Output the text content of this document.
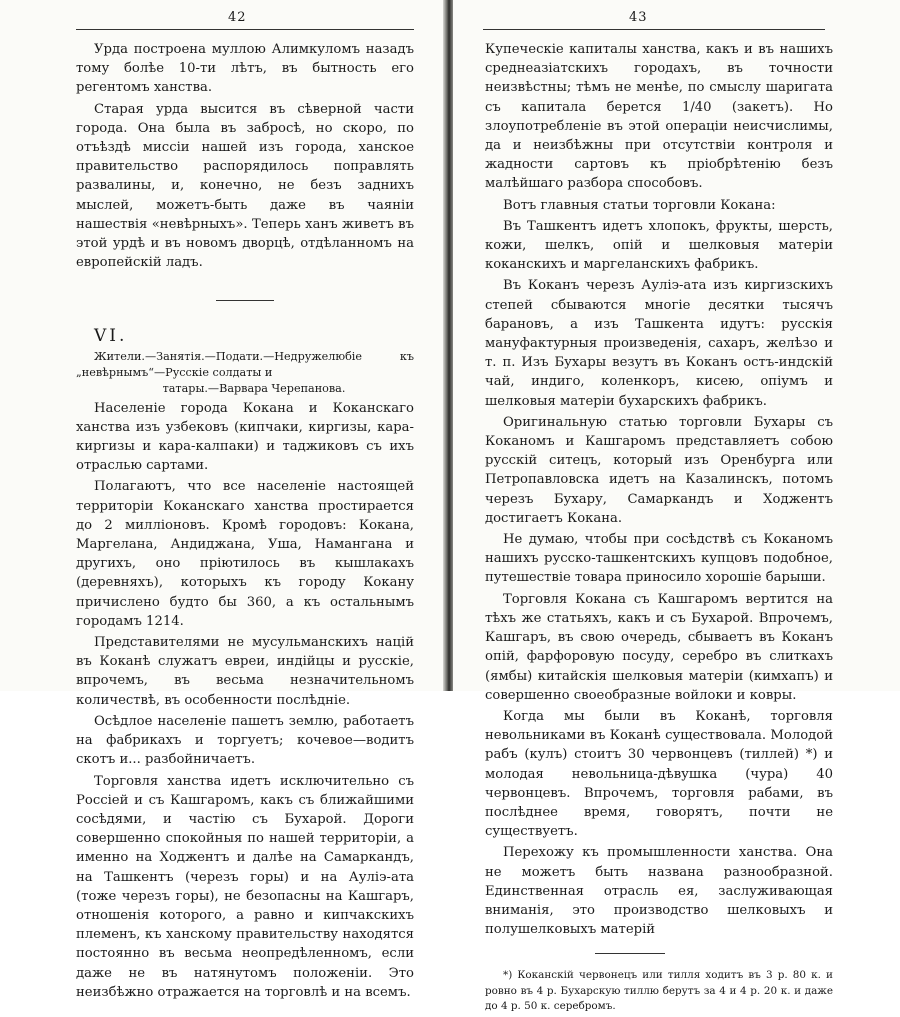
42

Урда построена муллою Алимкуломъ назадъ тому болѣе 10-ти лѣтъ, въ бытность его регентомъ ханства.

Старая урда высится въ сѣверной части города. Она была въ забросѣ, но скоро, по отъѣздѣ миссіи нашей изъ города, ханское правительство распорядилось поправлять развалины, и, конечно, не безъ заднихъ мыслей, можетъ-быть даже въ чаяніи нашествія «невѣрныхъ». Теперь ханъ живетъ въ этой урдѣ и въ новомъ дворцѣ, отдѣланномъ на европейскій ладъ.

VI.

Жители.—Занятія.—Подати.—Недружелюбіе къ „невѣрнымъ“—Русскіе солдаты и
татары.—Варвара Черепанова.

Населеніе города Кокана и Коканскаго ханства изъ узбековъ (кипчаки, киргизы, кара-киргизы и кара-калпаки) и таджиковъ съ ихъ отраслью сартами.

Полагаютъ, что все населеніе настоящей территоріи Коканскаго ханства простирается до 2 милліоновъ. Кромѣ городовъ: Кокана, Маргелана, Андиджана, Уша, Намангана и другихъ, оно пріютилось въ кышлакахъ (деревняхъ), которыхъ къ городу Кокану причислено будто бы 360, а къ остальнымъ городамъ 1214.

Представителями не мусульманскихъ націй въ Коканѣ служатъ евреи, индійцы и русскіе, впрочемъ, въ весьма незначительномъ количествѣ, въ особенности послѣдніе.

Осѣдлое населеніе пашетъ землю, работаетъ на фабрикахъ и торгуетъ; кочевое—водитъ скотъ и... разбойничаетъ.

Торговля ханства идетъ исключительно съ Россіей и съ Кашгаромъ, какъ съ ближайшими сосѣдями, и частію съ Бухарой. Дороги совершенно спокойныя по нашей территоріи, а именно на Ходжентъ и далѣе на Самаркандъ, на Ташкентъ (черезъ горы) и на Ауліэ-ата (тоже черезъ горы), не безопасны на Кашгаръ, отношенія которого, а равно и кипчакскихъ племенъ, къ ханскому правительству находятся постоянно въ весьма неопредѣленномъ, если даже не въ натянутомъ положеніи. Это неизбѣжно отражается на торговлѣ и на всемъ.

43

Купеческіе капиталы ханства, какъ и въ нашихъ среднеазіатскихъ городахъ, въ точности неизвѣстны; тѣмъ не менѣе, по смыслу шаригата съ капитала берется 1/40 (закетъ). Но злоупотребленіе въ этой операціи неисчислимы, да и неизбѣжны при отсутствіи контроля и жадности сартовъ къ пріобрѣтенію безъ малѣйшаго разбора способовъ.

Вотъ главныя статьи торговли Кокана:

Въ Ташкентъ идетъ хлопокъ, фрукты, шерсть, кожи, шелкъ, опій и шелковыя матеріи коканскихъ и маргеланскихъ фабрикъ.

Въ Коканъ черезъ Ауліэ-ата изъ киргизскихъ степей сбываются многіе десятки тысячъ барановъ, а изъ Ташкента идутъ: русскія мануфактурныя произведенія, сахаръ, желѣзо и т. п. Изъ Бухары везутъ въ Коканъ остъ-индскій чай, индиго, коленкоръ, кисею, опіумъ и шелковыя матеріи бухарскихъ фабрикъ.

Оригинальную статью торговли Бухары съ Коканомъ и Кашгаромъ представляетъ собою русскій ситецъ, который изъ Оренбурга или Петропавловска идетъ на Казалинскъ, потомъ черезъ Бухару, Самаркандъ и Ходжентъ достигаетъ Кокана.

Не думаю, чтобы при сосѣдствѣ съ Коканомъ нашихъ русско-ташкентскихъ купцовъ подобное, путешествіе товара приносило хорошіе барыши.

Торговля Кокана съ Кашгаромъ вертится на тѣхъ же статьяхъ, какъ и съ Бухарой. Впрочемъ, Кашгаръ, въ свою очередь, сбываетъ въ Коканъ опій, фарфоровую посуду, серебро въ слиткахъ (ямбы) китайскія шелковыя матеріи (кимхапъ) и совершенно своеобразные войлоки и ковры.

Когда мы были въ Коканѣ, торговля невольниками въ Коканѣ существовала. Молодой рабъ (кулъ) стоитъ 30 червонцевъ (тиллей) *) и молодая невольница-дѣвушка (чура) 40 червонцевъ. Впрочемъ, торговля рабами, въ послѣднее время, говорятъ, почти не существуетъ.

Перехожу къ промышленности ханства. Она не можетъ быть названа разнообразной. Единственная отрасль ея, заслуживающая вниманія, это производство шелковыхъ и полушелковыхъ матерій

*) Коканскій червонецъ или тилля ходитъ въ 3 р. 80 к. и ровно въ 4 р. Бухарскую тиллю берутъ за 4 и 4 р. 20 к. и даже до 4 р. 50 к. серебромъ.
